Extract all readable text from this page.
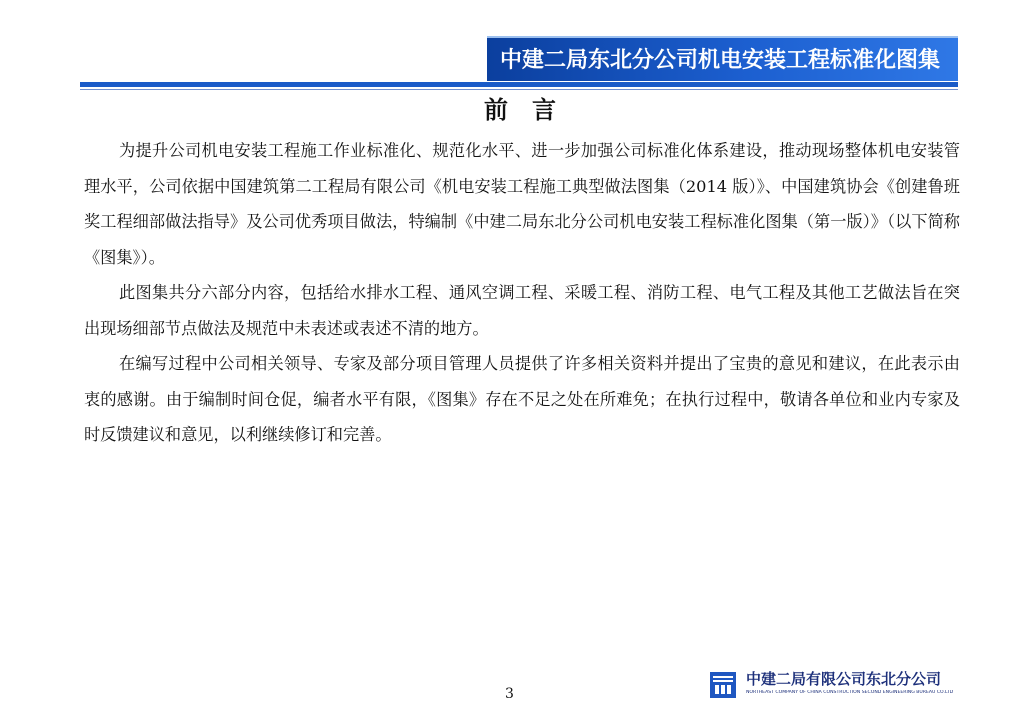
中建二局东北分公司机电安装工程标准化图集
前言

为提升公司机电安装工程施工作业标准化、规范化水平、进一步加强公司标准化体系建设，推动现场整体机电安装管理水平，公司依据中国建筑第二工程局有限公司《机电安装工程施工典型做法图集（2014 版）》、中国建筑协会《创建鲁班奖工程细部做法指导》及公司优秀项目做法，特编制《中建二局东北分公司机电安装工程标准化图集（第一版）》（以下简称《图集》）。

此图集共分六部分内容，包括给水排水工程、通风空调工程、采暖工程、消防工程、电气工程及其他工艺做法旨在突出现场细部节点做法及规范中未表述或表述不清的地方。

在编写过程中公司相关领导、专家及部分项目管理人员提供了许多相关资料并提出了宝贵的意见和建议，在此表示由衷的感谢。由于编制时间仓促，编者水平有限，《图集》存在不足之处在所难免；在执行过程中，敬请各单位和业内专家及时反馈建议和意见，以利继续修订和完善。

3
中建二局有限公司东北分公司
NORTHEAST COMPANY OF CHINA CONSTRUCTION SECOND ENGINEERING BUREAU CO.LTD
